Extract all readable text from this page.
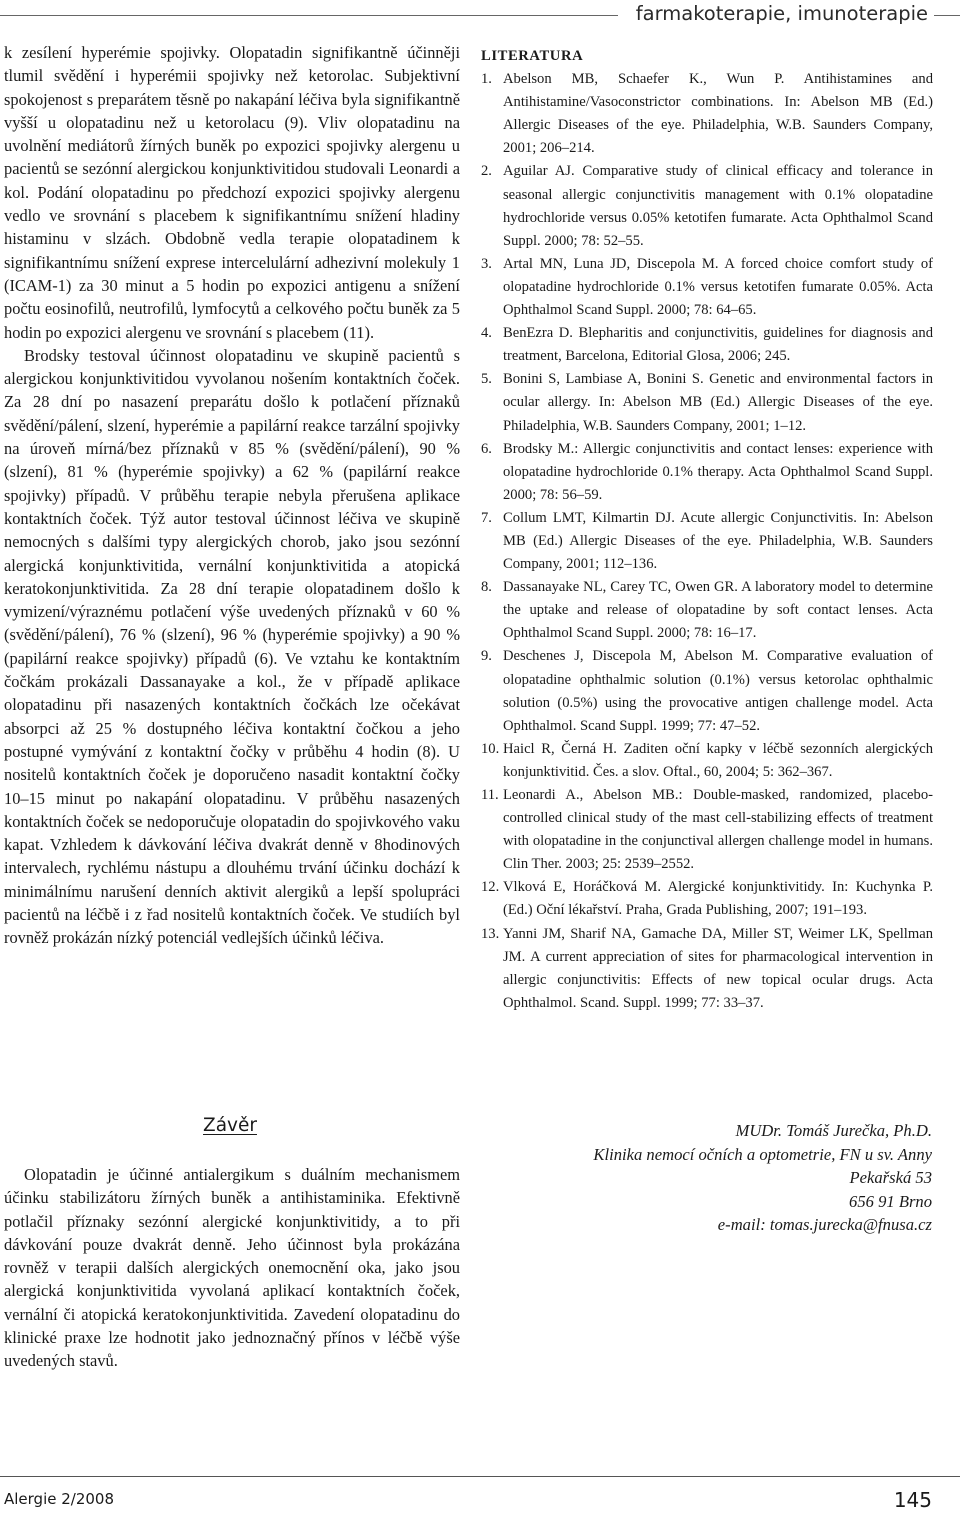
farmakoterapie, imunoterapie

k zesílení hyperémie spojivky. Olopatadin signifikantně účinněji tlumil svědění i hyperémii spojivky než ketorolac. Subjektivní spokojenost s preparátem těsně po nakapání léčiva byla signifikantně vyšší u olopatadinu než u ketorolacu (9). Vliv olopatadinu na uvolnění mediátorů žírných buněk po expozici spojivky alergenu u pacientů se sezónní alergickou konjunktivitidou studovali Leonardi a kol. Podání olopatadinu po předchozí expozici spojivky alergenu vedlo ve srovnání s placebem k signifikantnímu snížení hladiny histaminu v slzách. Obdobně vedla terapie olopatadinem k signifikantnímu snížení exprese intercelulární adhezivní molekuly 1 (ICAM-1) za 30 minut a 5 hodin po expozici antigenu a snížení počtu eosinofilů, neutrofilů, lymfocytů a celkového počtu buněk za 5 hodin po expozici alergenu ve srovnání s placebem (11).

Brodsky testoval účinnost olopatadinu ve skupině pacientů s alergickou konjunktivitidou vyvolanou nošením kontaktních čoček. Za 28 dní po nasazení preparátu došlo k potlačení příznaků svědění/pálení, slzení, hyperémie a papilární reakce tarzální spojivky na úroveň mírná/bez příznaků v 85 % (svědění/pálení), 90 % (slzení), 81 % (hyperémie spojivky) a 62 % (papilární reakce spojivky) případů. V průběhu terapie nebyla přerušena aplikace kontaktních čoček. Týž autor testoval účinnost léčiva ve skupině nemocných s dalšími typy alergických chorob, jako jsou sezónní alergická konjunktivitida, vernální konjunktivitida a atopická keratokonjunktivitida. Za 28 dní terapie olopatadinem došlo k vymizení/výraznému potlačení výše uvedených příznaků v 60 % (svědění/pálení), 76 % (slzení), 96 % (hyperémie spojivky) a 90 % (papilární reakce spojivky) případů (6). Ve vztahu ke kontaktním čočkám prokázali Dassanayake a kol., že v případě aplikace olopatadinu při nasazených kontaktních čočkách lze očekávat absorpci až 25 % dostupného léčiva kontaktní čočkou a jeho postupné vymývání z kontaktní čočky v průběhu 4 hodin (8). U nositelů kontaktních čoček je doporučeno nasadit kontaktní čočky 10–15 minut po nakapání olopatadinu. V průběhu nasazených kontaktních čoček se nedoporučuje olopatadin do spojivkového vaku kapat. Vzhledem k dávkování léčiva dvakrát denně v 8hodinových intervalech, rychlému nástupu a dlouhému trvání účinku dochází k minimálnímu narušení denních aktivit alergiků a lepší spolupráci pacientů na léčbě i z řad nositelů kontaktních čoček. Ve studiích byl rovněž prokázán nízký potenciál vedlejších účinků léčiva.

Závěr

Olopatadin je účinné antialergikum s duálním mechanismem účinku stabilizátoru žírných buněk a antihistaminika. Efektivně potlačil příznaky sezónní alergické konjunktivitidy, a to při dávkování pouze dvakrát denně. Jeho účinnost byla prokázána rovněž v terapii dalších alergických onemocnění oka, jako jsou alergická konjunktivitida vyvolaná aplikací kontaktních čoček, vernální či atopická keratokonjunktivitida. Zavedení olopatadinu do klinické praxe lze hodnotit jako jednoznačný přínos v léčbě výše uvedených stavů.

LITERATURA
1. Abelson MB, Schaefer K., Wun P. Antihistamines and Antihistamine/Vasoconstrictor combinations. In: Abelson MB (Ed.) Allergic Diseases of the eye. Philadelphia, W.B. Saunders Company, 2001; 206–214.
2. Aguilar AJ. Comparative study of clinical efficacy and tolerance in seasonal allergic conjunctivitis management with 0.1% olopatadine hydrochloride versus 0.05% ketotifen fumarate. Acta Ophthalmol Scand Suppl. 2000; 78: 52–55.
3. Artal MN, Luna JD, Discepola M. A forced choice comfort study of olopatadine hydrochloride 0.1% versus ketotifen fumarate 0.05%. Acta Ophthalmol Scand Suppl. 2000; 78: 64–65.
4. BenEzra D. Blepharitis and conjunctivitis, guidelines for diagnosis and treatment, Barcelona, Editorial Glosa, 2006; 245.
5. Bonini S, Lambiase A, Bonini S. Genetic and environmental factors in ocular allergy. In: Abelson MB (Ed.) Allergic Diseases of the eye. Philadelphia, W.B. Saunders Company, 2001; 1–12.
6. Brodsky M.: Allergic conjunctivitis and contact lenses: experience with olopatadine hydrochloride 0.1% therapy. Acta Ophthalmol Scand Suppl. 2000; 78: 56–59.
7. Collum LMT, Kilmartin DJ. Acute allergic Conjunctivitis. In: Abelson MB (Ed.) Allergic Diseases of the eye. Philadelphia, W.B. Saunders Company, 2001; 112–136.
8. Dassanayake NL, Carey TC, Owen GR. A laboratory model to determine the uptake and release of olopatadine by soft contact lenses. Acta Ophthalmol Scand Suppl. 2000; 78: 16–17.
9. Deschenes J, Discepola M, Abelson M. Comparative evaluation of olopatadine ophthalmic solution (0.1%) versus ketorolac ophthalmic solution (0.5%) using the provocative antigen challenge model. Acta Ophthalmol. Scand Suppl. 1999; 77: 47–52.
10. Haicl R, Černá H. Zaditen oční kapky v léčbě sezonních alergických konjunktivitid. Čes. a slov. Oftal., 60, 2004; 5: 362–367.
11. Leonardi A., Abelson MB.: Double-masked, randomized, placebo-controlled clinical study of the mast cell-stabilizing effects of treatment with olopatadine in the conjunctival allergen challenge model in humans. Clin Ther. 2003; 25: 2539–2552.
12. Vlková E, Horáčková M. Alergické konjunktivitidy. In: Kuchynka P. (Ed.) Oční lékařství. Praha, Grada Publishing, 2007; 191–193.
13. Yanni JM, Sharif NA, Gamache DA, Miller ST, Weimer LK, Spellman JM. A current appreciation of sites for pharmacological intervention in allergic conjunctivitis: Effects of new topical ocular drugs. Acta Ophthalmol. Scand. Suppl. 1999; 77: 33–37.
MUDr. Tomáš Jurečka, Ph.D.
Klinika nemocí očních a optometrie, FN u sv. Anny
Pekařská 53
656 91 Brno
e-mail: tomas.jurecka@fnusa.cz
Alergie 2/2008	145
